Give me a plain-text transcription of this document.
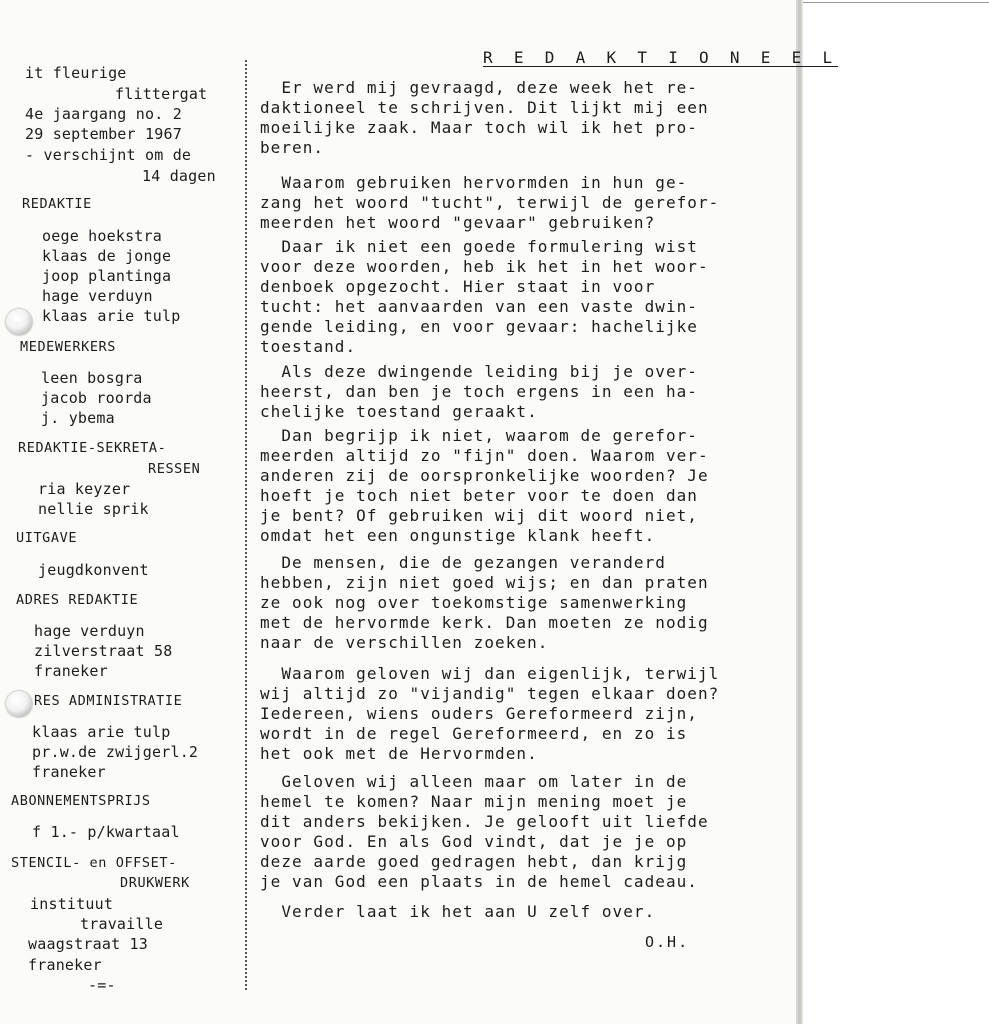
it fleurige
flittergat
4e jaargang no. 2
29 september 1967
- verschijnt om de
14 dagen
REDAKTIE
oege hoekstra
klaas de jonge
joop plantinga
hage verduyn
klaas arie tulp
MEDEWERKERS
leen bosgra
jacob roorda
j. ybema
REDAKTIE-SEKRETA-
RESSEN
ria keyzer
nellie sprik
UITGAVE
jeugdkonvent
ADRES REDAKTIE
hage verduyn
zilverstraat 58
franeker
RES ADMINISTRATIE
klaas arie tulp
pr.w.de zwijgerl.2
franeker
ABONNEMENTSPRIJS
f 1.- p/kwartaal
STENCIL- en OFFSET-
DRUKWERK
instituut
travaille
waagstraat 13
franeker
-=-
R E D A K T I O N E E L
Er werd mij gevraagd, deze week het re-
daktioneel te schrijven. Dit lijkt mij een
moeilijke zaak. Maar toch wil ik het pro-
beren.
Waarom gebruiken hervormden in hun ge-
zang het woord "tucht", terwijl de gerefor-
meerden het woord "gevaar" gebruiken?
Daar ik niet een goede formulering wist
voor deze woorden, heb ik het in het woor-
denboek opgezocht. Hier staat in voor
tucht: het aanvaarden van een vaste dwin-
gende leiding, en voor gevaar: hachelijke
toestand.
Als deze dwingende leiding bij je over-
heerst, dan ben je toch ergens in een ha-
chelijke toestand geraakt.
Dan begrijp ik niet, waarom de gerefor-
meerden altijd zo "fijn" doen. Waarom ver-
anderen zij de oorspronkelijke woorden? Je
hoeft je toch niet beter voor te doen dan
je bent? Of gebruiken wij dit woord niet,
omdat het een ongunstige klank heeft.
De mensen, die de gezangen veranderd
hebben, zijn niet goed wijs; en dan praten
ze ook nog over toekomstige samenwerking
met de hervormde kerk. Dan moeten ze nodig
naar de verschillen zoeken.
Waarom geloven wij dan eigenlijk, terwijl
wij altijd zo "vijandig" tegen elkaar doen?
Iedereen, wiens ouders Gereformeerd zijn,
wordt in de regel Gereformeerd, en zo is
het ook met de Hervormden.
Geloven wij alleen maar om later in de
hemel te komen? Naar mijn mening moet je
dit anders bekijken. Je gelooft uit liefde
voor God. En als God vindt, dat je je op
deze aarde goed gedragen hebt, dan krijg
je van God een plaats in de hemel cadeau.
Verder laat ik het aan U zelf over.
O.H.
